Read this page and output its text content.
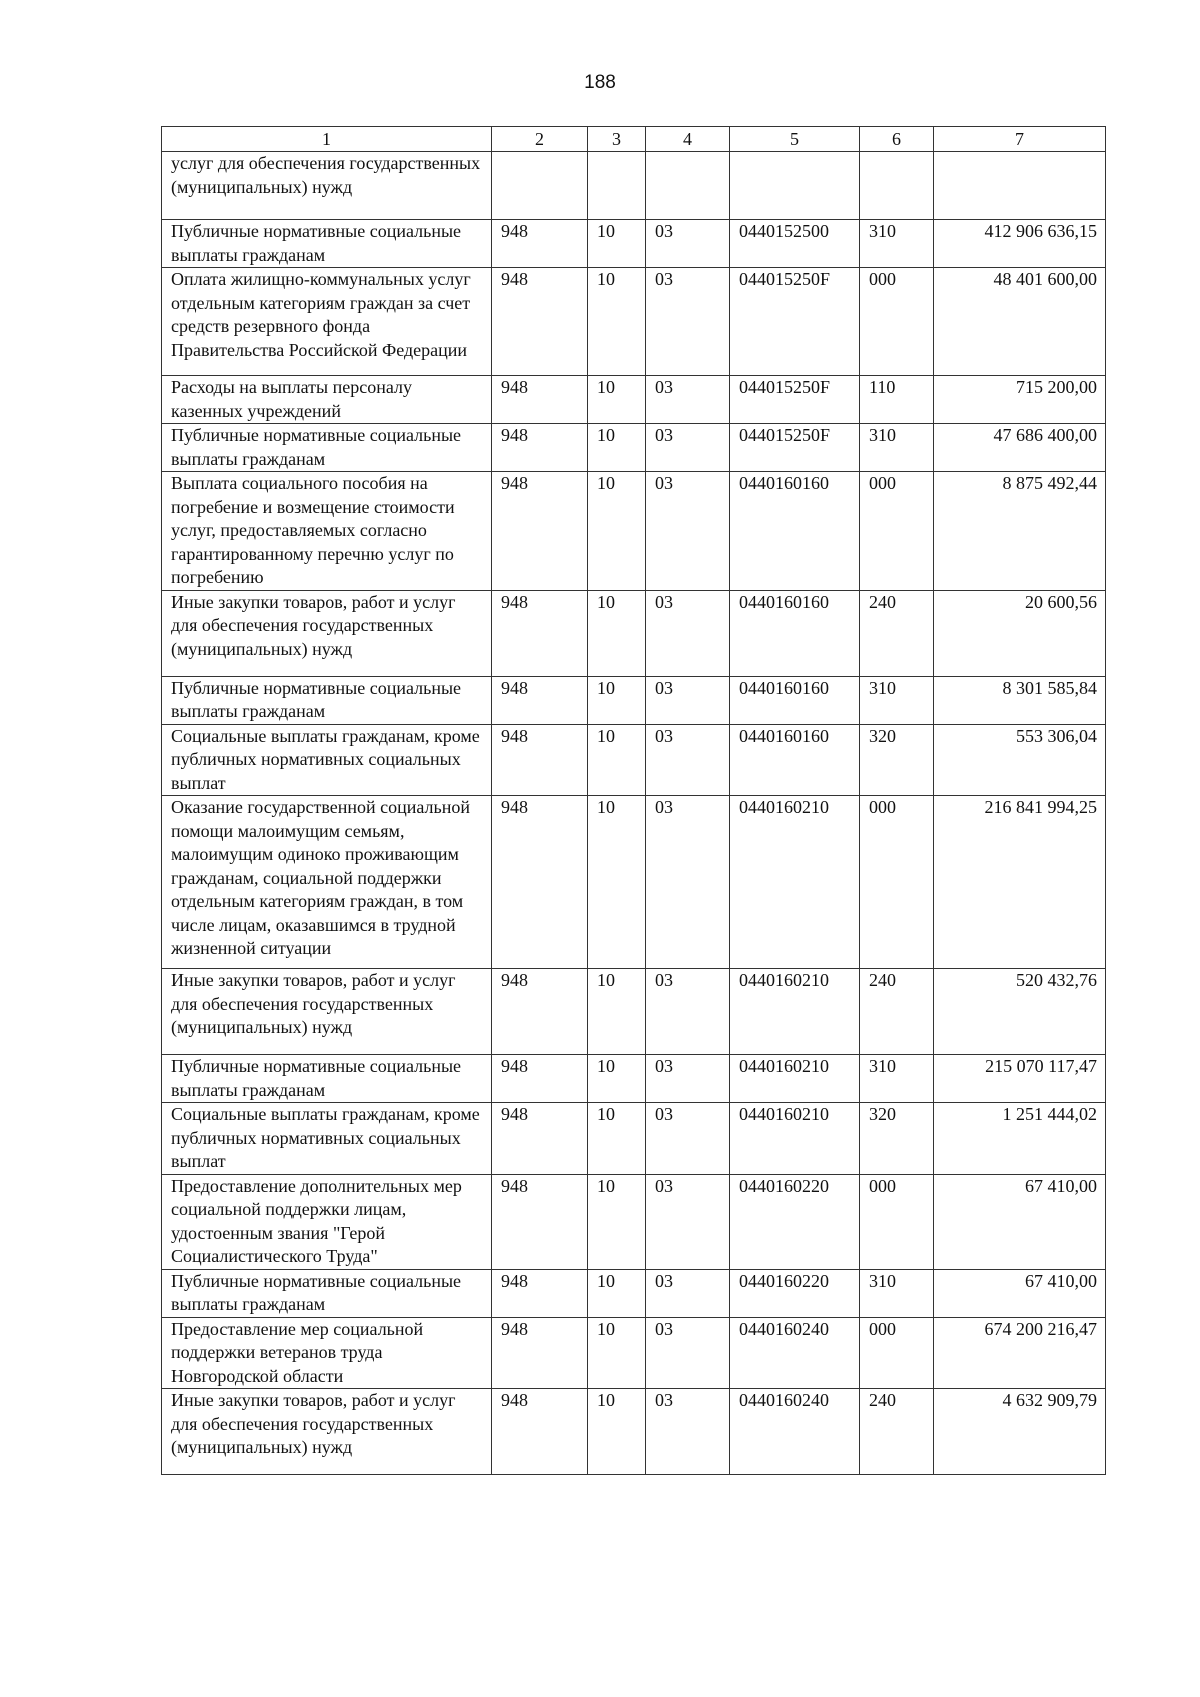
188
1	2	3	4	5	6	7
услуг для обеспечения государственных (муниципальных) нужд						
Публичные нормативные социальные выплаты гражданам	948	10	03	0440152500	310	412 906 636,15
Оплата жилищно-коммунальных услуг отдельным категориям граждан за счет средств резервного фонда Правительства Российской Федерации	948	10	03	044015250F	000	48 401 600,00
Расходы на выплаты персоналу казенных учреждений	948	10	03	044015250F	110	715 200,00
Публичные нормативные социальные выплаты гражданам	948	10	03	044015250F	310	47 686 400,00
Выплата социального пособия на погребение и возмещение стоимости услуг, предоставляемых согласно гарантированному перечню услуг по погребению	948	10	03	0440160160	000	8 875 492,44
Иные закупки товаров, работ и услуг для обеспечения государственных (муниципальных) нужд	948	10	03	0440160160	240	20 600,56
Публичные нормативные социальные выплаты гражданам	948	10	03	0440160160	310	8 301 585,84
Социальные выплаты гражданам, кроме публичных нормативных социальных выплат	948	10	03	0440160160	320	553 306,04
Оказание государственной социальной помощи малоимущим семьям, малоимущим одиноко проживающим гражданам, социальной поддержки отдельным категориям граждан, в том числе лицам, оказавшимся в трудной жизненной ситуации	948	10	03	0440160210	000	216 841 994,25
Иные закупки товаров, работ и услуг для обеспечения государственных (муниципальных) нужд	948	10	03	0440160210	240	520 432,76
Публичные нормативные социальные выплаты гражданам	948	10	03	0440160210	310	215 070 117,47
Социальные выплаты гражданам, кроме публичных нормативных социальных выплат	948	10	03	0440160210	320	1 251 444,02
Предоставление дополнительных мер социальной поддержки лицам, удостоенным звания "Герой Социалистического Труда"	948	10	03	0440160220	000	67 410,00
Публичные нормативные социальные выплаты гражданам	948	10	03	0440160220	310	67 410,00
Предоставление мер социальной поддержки ветеранов труда Новгородской области	948	10	03	0440160240	000	674 200 216,47
Иные закупки товаров, работ и услуг для обеспечения государственных (муниципальных) нужд	948	10	03	0440160240	240	4 632 909,79
